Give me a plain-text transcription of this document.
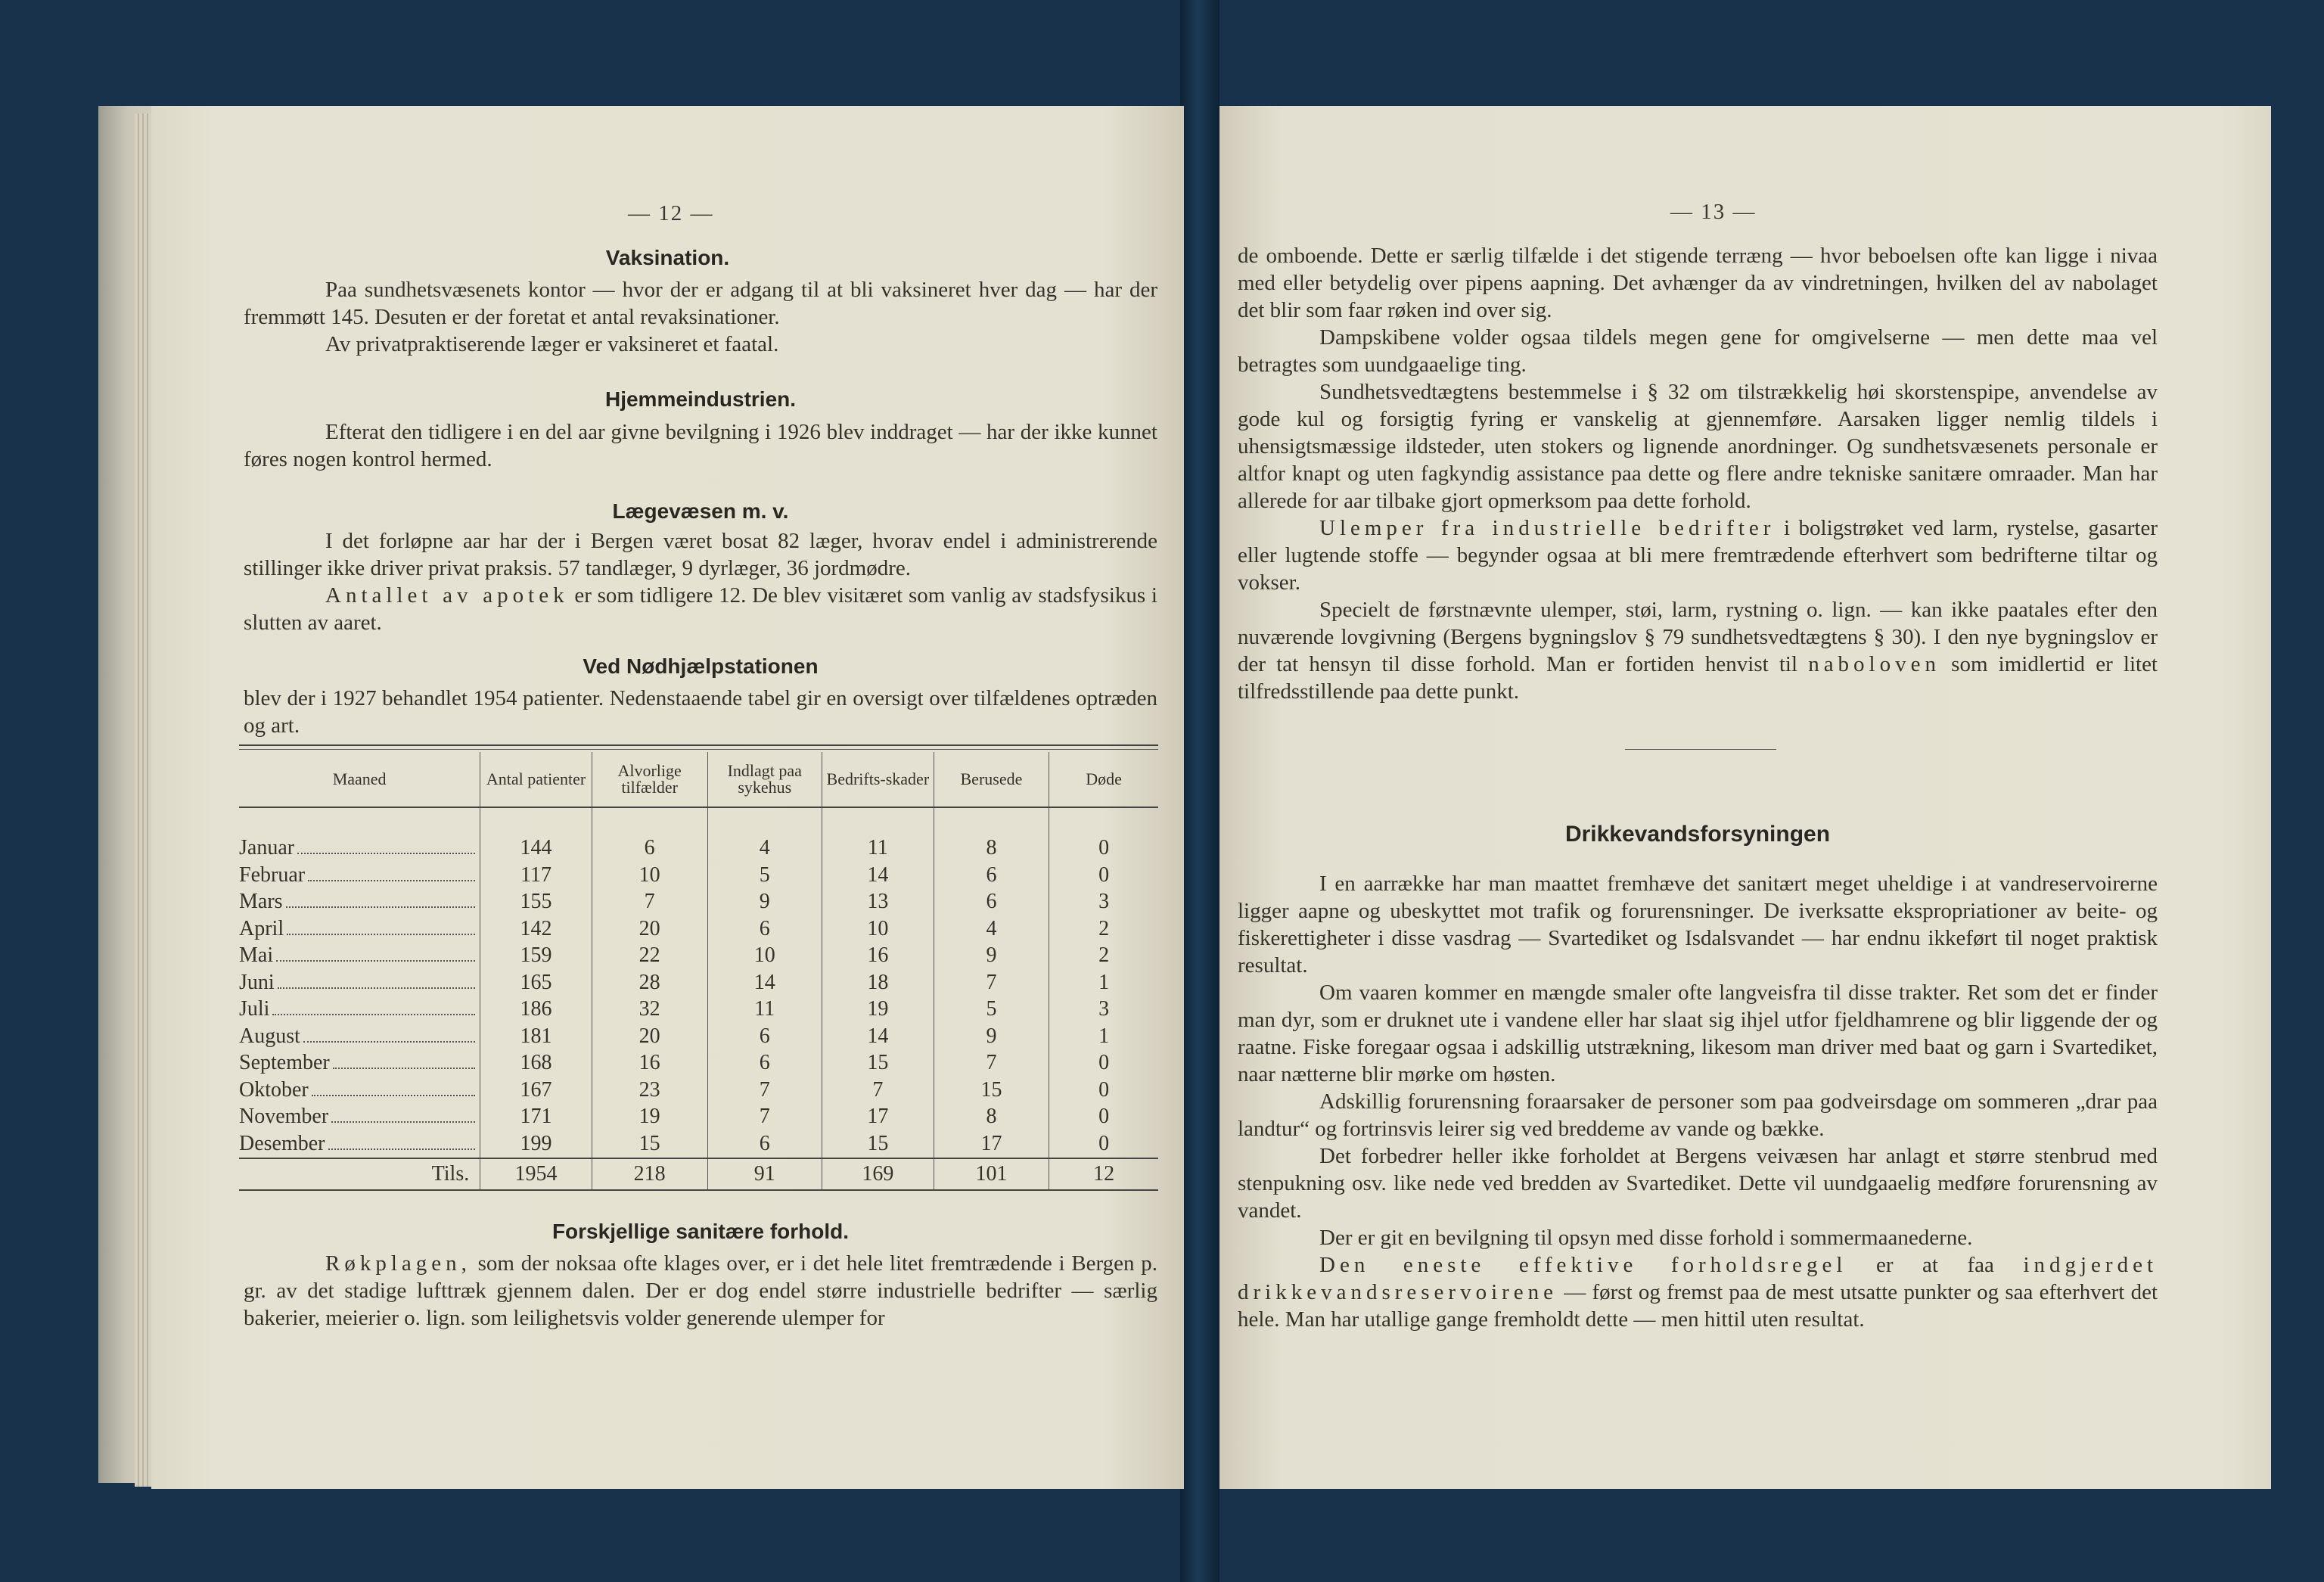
— 12 —
Vaksination.

Paa sundhetsvæsenets kontor — hvor der er adgang til at bli vaksineret hver dag — har der fremmøtt 145. Desuten er der foretat et antal revaksinationer.

Av privatpraktiserende læger er vaksineret et faatal.

Hjemmeindustrien.

Efterat den tidligere i en del aar givne bevilgning i 1926 blev inddraget — har der ikke kunnet føres nogen kontrol hermed.

Lægevæsen m. v.

I det forløpne aar har der i Bergen været bosat 82 læger, hvorav endel i administrerende stillinger ikke driver privat praksis. 57 tandlæger, 9 dyrlæger, 36 jordmødre.

Antallet av apotek er som tidligere 12. De blev visitæret som vanlig av stadsfysikus i slutten av aaret.

Ved Nødhjælpstationen

blev der i 1927 behandlet 1954 patienter. Nedenstaaende tabel gir en oversigt over tilfældenes optræden og art.

Maaned	Antal patienter	Alvorlige tilfælder	Indlagt paa sykehus	Bedrifts-skader	Berusede	Døde

Januar	144	6	4	11	8	0

Februar	117	10	5	14	6	0

Mars	155	7	9	13	6	3

April	142	20	6	10	4	2

Mai	159	22	10	16	9	2

Juni	165	28	14	18	7	1

Juli	186	32	11	19	5	3

August	181	20	6	14	9	1

September	168	16	6	15	7	0

Oktober	167	23	7	7	15	0

November	171	19	7	17	8	0

Desember	199	15	6	15	17	0
Tils.	1954	218	91	169	101	12
Forskjellige sanitære forhold.

Røkplagen, som der noksaa ofte klages over, er i det hele litet fremtrædende i Bergen p. gr. av det stadige lufttræk gjennem dalen. Der er dog endel større industrielle bedrifter — særlig bakerier, meierier o. lign. som leilighetsvis volder generende ulemper for

— 13 —

de omboende. Dette er særlig tilfælde i det stigende terræng — hvor beboelsen ofte kan ligge i nivaa med eller betydelig over pipens aapning. Det avhænger da av vindretningen, hvilken del av nabolaget det blir som faar røken ind over sig.

Dampskibene volder ogsaa tildels megen gene for omgivelserne — men dette maa vel betragtes som uundgaaelige ting.

Sundhetsvedtægtens bestemmelse i § 32 om tilstrækkelig høi skorstenspipe, anvendelse av gode kul og forsigtig fyring er vanskelig at gjennemføre. Aarsaken ligger nemlig tildels i uhensigtsmæssige ildsteder, uten stokers og lignende anordninger. Og sundhetsvæsenets personale er altfor knapt og uten fagkyndig assistance paa dette og flere andre tekniske sanitære omraader. Man har allerede for aar tilbake gjort opmerksom paa dette forhold.

Ulemper fra industrielle bedrifter i boligstrøket ved larm, rystelse, gasarter eller lugtende stoffe — begynder ogsaa at bli mere fremtrædende efterhvert som bedrifterne tiltar og vokser.

Specielt de førstnævnte ulemper, støi, larm, rystning o. lign. — kan ikke paatales efter den nuværende lovgivning (Bergens bygningslov § 79 sundhetsvedtægtens § 30). I den nye bygningslov er der tat hensyn til disse forhold. Man er fortiden henvist til naboloven som imidlertid er litet tilfredsstillende paa dette punkt.

Drikkevandsforsyningen

I en aarrække har man maattet fremhæve det sanitært meget uheldige i at vandreservoirerne ligger aapne og ubeskyttet mot trafik og forurensninger. De iverksatte ekspropriationer av beite- og fiskerettigheter i disse vasdrag — Svartediket og Isdalsvandet — har endnu ikkeført til noget praktisk resultat.

Om vaaren kommer en mængde smaler ofte langveisfra til disse trakter. Ret som det er finder man dyr, som er druknet ute i vandene eller har slaat sig ihjel utfor fjeldhamrene og blir liggende der og raatne. Fiske foregaar ogsaa i adskillig utstrækning, likesom man driver med baat og garn i Svartediket, naar nætterne blir mørke om høsten.

Adskillig forurensning foraarsaker de personer som paa godveirsdage om sommeren „drar paa landtur“ og fortrinsvis leirer sig ved breddeme av vande og bække.

Det forbedrer heller ikke forholdet at Bergens veivæsen har anlagt et større stenbrud med stenpukning osv. like nede ved bredden av Svartediket. Dette vil uundgaaelig medføre forurensning av vandet.

Der er git en bevilgning til opsyn med disse forhold i sommermaanederne.

Den eneste effektive forholdsregel er at faa indgjerdet drikkevandsreservoirene — først og fremst paa de mest utsatte punkter og saa efterhvert det hele. Man har utallige gange fremholdt dette — men hittil uten resultat.
